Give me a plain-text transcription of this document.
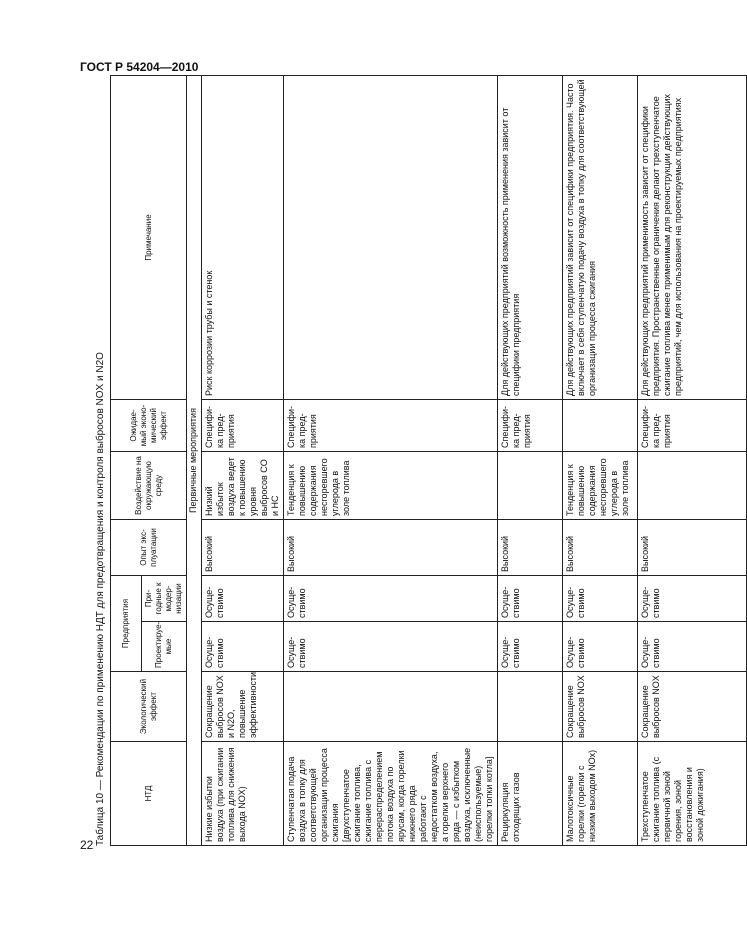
ГОСТ Р 54204—2010
Таблица 10 — Рекомендации по применению НДТ для предотвращения и контроля выбросов NOX и N2O	НТД	Экологический эффект	Предприятия		Опыт экс-плуатации	Воздействие на окружающую среду	Ожидае-мый эконо-мический эффект	Примечание
		Проектируе-мые	При-годные к модер-низации				
Первичные мероприятия							
Низкие избытки воздуха (при сжигании топлива для снижения выхода NOX)	Сокращение выбросов NOX и N2O, повышение эффективности	Осуще-ствимо	Осуще-ствимо	Высокий	Низкий избыток воздуха ведет к повышению уровня выбросов CO и HC	Специфи-ка пред-приятия	Риск коррозии трубы и стенок
Ступенчатая подача воздуха в топку для соответствующей организации процесса сжигания [двухступенчатое сжигание топлива, сжигание топлива с перераспределением потока воздуха по ярусам, когда горелки нижнего ряда работают с недостатком воздуха, а горелки верхнего ряда — с избытком воздуха, исключенные (неиспользуемые) горелки топки котла]		Осуще-ствимо	Осуще-ствимо	Высокий	Тенденция к повышению содержания несгоревшего углерода в золе топлива	Специфи-ка пред-приятия	
Рециркуляция отходящих газов		Осуще-ствимо	Осуще-ствимо	Высокий		Специфи-ка пред-приятия	Для действующих предприятий возможность применения зависит от специфики предприятия
Малотоксичные горелки (горелки с низким выходом NOx)	Сокращение выбросов NOX	Осуще-ствимо	Осуще-ствимо	Высокий	Тенденция к повышению содержания несгоревшего углерода в золе топлива		Для действующих предприятий зависит от специфики предприятия. Часто включает в себя ступенчатую подачу воздуха в топку для соответствующей организации процесса сжигания
Трехступенчатое сжигание топлива (с первичной зоной горения, зоной восстановления и зоной дожигания)	Сокращение выбросов NOX	Осуще-ствимо	Осуще-ствимо	Высокий		Специфи-ка пред-приятия	Для действующих предприятий применимость зависит от специфики предприятия. Пространственные ограничения делают трехступенчатое сжигание топлива менее применимым для реконструкции действующих предприятий, чем для использования на проектируемых предприятиях
22
